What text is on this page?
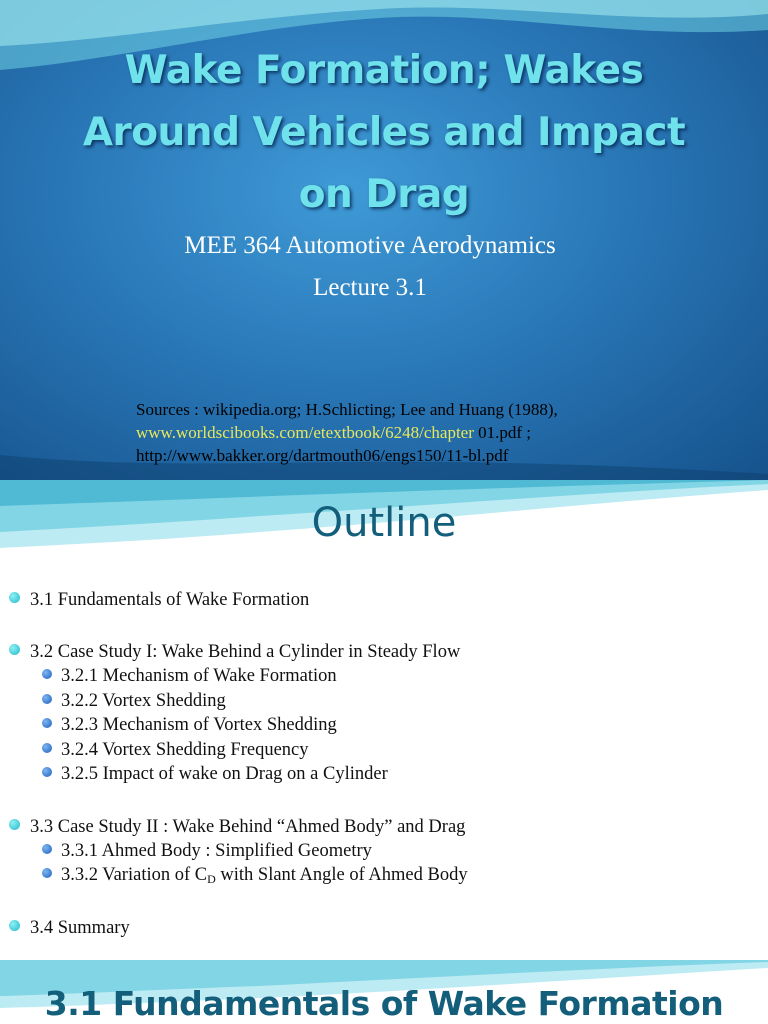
Wake Formation; Wakes
Around Vehicles and Impact
on Drag
MEE 364 Automotive Aerodynamics
Lecture 3.1
Sources : wikipedia.org; H.Schlicting; Lee and Huang (1988),
www.worldscibooks.com/etextbook/6248/chapter 01.pdf ;
http://www.bakker.org/dartmouth06/engs150/11-bl.pdf
Outline
3.1 Fundamentals of Wake Formation
3.2 Case Study I: Wake Behind a Cylinder in Steady Flow
3.2.1 Mechanism of Wake Formation
3.2.2 Vortex Shedding
3.2.3 Mechanism of Vortex Shedding
3.2.4 Vortex Shedding Frequency
3.2.5 Impact of wake on Drag on a Cylinder
3.3 Case Study II : Wake Behind “Ahmed Body” and Drag
3.3.1 Ahmed Body : Simplified Geometry
3.3.2 Variation of $C_D$ with Slant Angle of Ahmed Body
3.4 Summary
3.1 Fundamentals of Wake Formation
